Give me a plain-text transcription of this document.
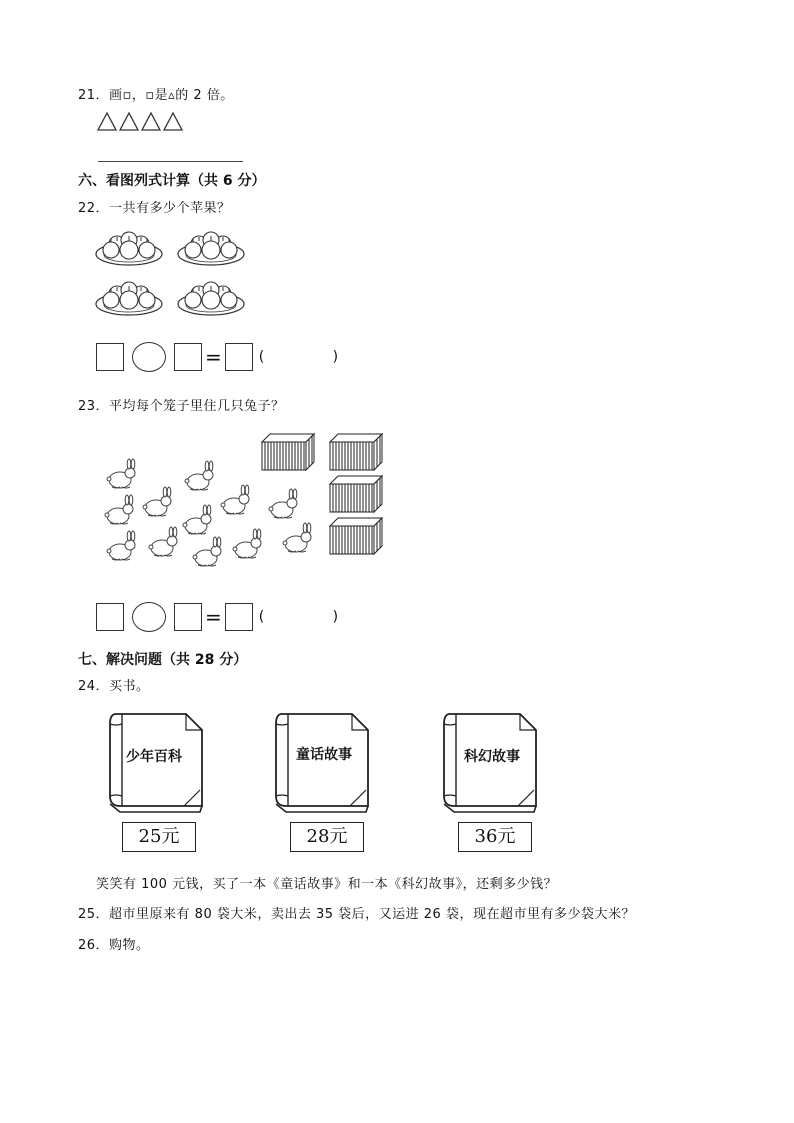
21．画▫，▫是▵的 2 倍。
六、看图列式计算（共 6 分）
22．一共有多少个苹果？
=	( )
23．平均每个笼子里住几只兔子？
=	( )
七、解决问题（共 28 分）
24．买书。
少年百科
25元
童话故事
28元
科幻故事
36元
笑笑有 100 元钱，买了一本《童话故事》和一本《科幻故事》，还剩多少钱？
25．超市里原来有 80 袋大米，卖出去 35 袋后，又运进 26 袋，现在超市里有多少袋大米？
26．购物。
